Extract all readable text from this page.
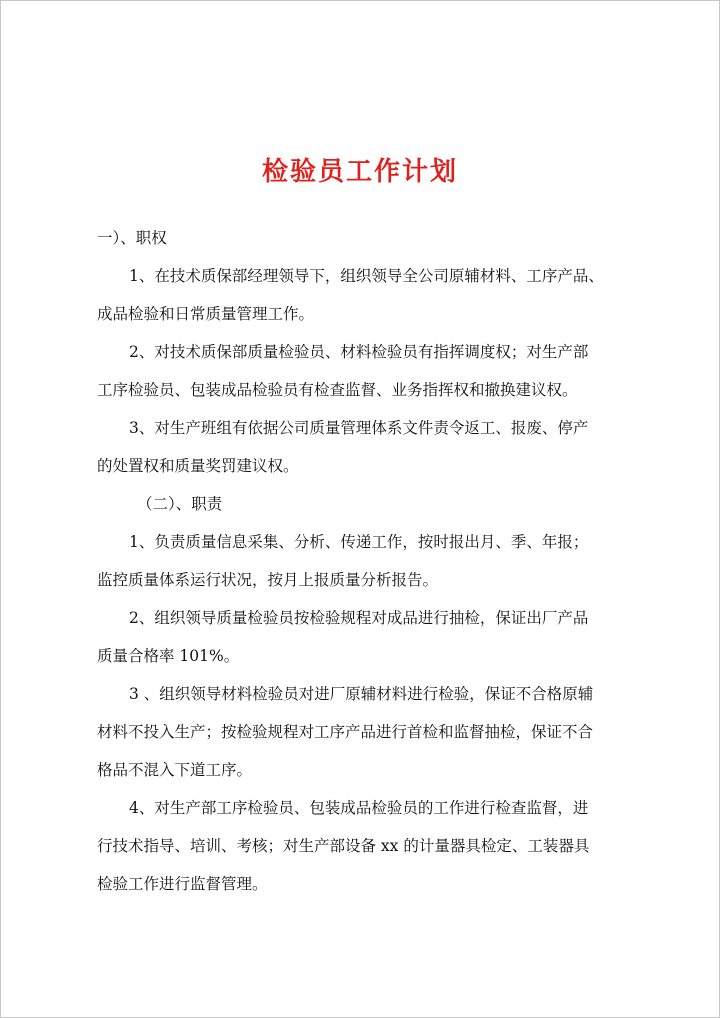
检验员工作计划
一）、职权
1、在技术质保部经理领导下，组织领导全公司原辅材料、工序产品、
成品检验和日常质量管理工作。
2、对技术质保部质量检验员、材料检验员有指挥调度权；对生产部
工序检验员、包装成品检验员有检查监督、业务指挥权和撤换建议权。
3、对生产班组有依据公司质量管理体系文件责令返工、报废、停产
的处置权和质量奖罚建议权。
（二）、职责
1、负责质量信息采集、分析、传递工作，按时报出月、季、年报；
监控质量体系运行状况，按月上报质量分析报告。
2、组织领导质量检验员按检验规程对成品进行抽检，保证出厂产品
质量合格率 101%。
3 、组织领导材料检验员对进厂原辅材料进行检验，保证不合格原辅
材料不投入生产；按检验规程对工序产品进行首检和监督抽检，保证不合
格品不混入下道工序。
4、对生产部工序检验员、包装成品检验员的工作进行检查监督，进
行技术指导、培训、考核；对生产部设备 xx 的计量器具检定、工装器具
检验工作进行监督管理。
